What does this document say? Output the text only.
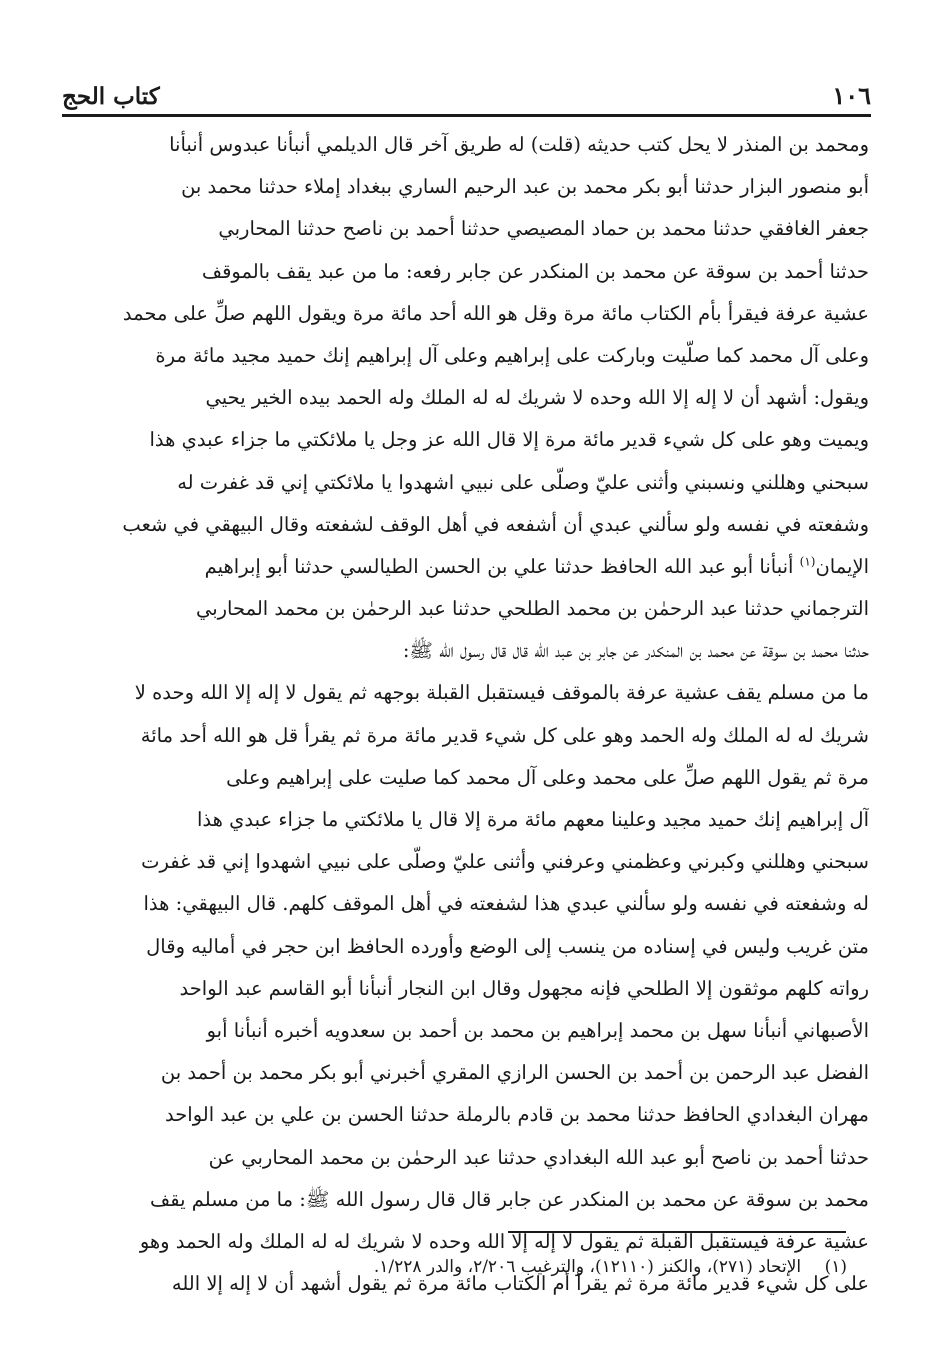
كتاب الحج	١٠٦
ومحمد بن المنذر لا يحل كتب حديثه (قلت) له طريق آخر قال الديلمي أنبأنا عبدوس أنبأنا
أبو منصور البزار حدثنا أبو بكر محمد بن عبد الرحيم الساري ببغداد إملاء حدثنا محمد بن
جعفر الغافقي حدثنا محمد بن حماد المصيصي حدثنا أحمد بن ناصح حدثنا المحاربي
حدثنا أحمد بن سوقة عن محمد بن المنكدر عن جابر رفعه: ما من عبد يقف بالموقف
عشية عرفة فيقرأ بأم الكتاب مائة مرة وقل هو الله أحد مائة مرة ويقول اللهم صلِّ على محمد
وعلى آل محمد كما صلّيت وباركت على إبراهيم وعلى آل إبراهيم إنك حميد مجيد مائة مرة
ويقول: أشهد أن لا إله إلا الله وحده لا شريك له له الملك وله الحمد بيده الخير يحيي
ويميت وهو على كل شيء قدير مائة مرة إلا قال الله عز وجل يا ملائكتي ما جزاء عبدي هذا
سبحني وهللني ونسبني وأثنى عليّ وصلّى على نبيي اشهدوا يا ملائكتي إني قد غفرت له
وشفعته في نفسه ولو سألني عبدي أن أشفعه في أهل الوقف لشفعته وقال البيهقي في شعب
الإيمان$^{(١)}$ أنبأنا أبو عبد الله الحافظ حدثنا علي بن الحسن الطيالسي حدثنا أبو إبراهيم
الترجماني حدثنا عبد الرحمٰن بن محمد الطلحي حدثنا عبد الرحمٰن بن محمد المحاربي
حدثنا محمد بن سوقة عن محمد بن المنكدر عن جابر بن عبد الله قال قال رسول الله ﷺ:
ما من مسلم يقف عشية عرفة بالموقف فيستقبل القبلة بوجهه ثم يقول لا إله إلا الله وحده لا
شريك له له الملك وله الحمد وهو على كل شيء قدير مائة مرة ثم يقرأ قل هو الله أحد مائة
مرة ثم يقول اللهم صلِّ على محمد وعلى آل محمد كما صليت على إبراهيم وعلى
آل إبراهيم إنك حميد مجيد وعلينا معهم مائة مرة إلا قال يا ملائكتي ما جزاء عبدي هذا
سبحني وهللني وكبرني وعظمني وعرفني وأثنى عليّ وصلّى على نبيي اشهدوا إني قد غفرت
له وشفعته في نفسه ولو سألني عبدي هذا لشفعته في أهل الموقف كلهم. قال البيهقي: هذا
متن غريب وليس في إسناده من ينسب إلى الوضع وأورده الحافظ ابن حجر في أماليه وقال
رواته كلهم موثقون إلا الطلحي فإنه مجهول وقال ابن النجار أنبأنا أبو القاسم عبد الواحد
الأصبهاني أنبأنا سهل بن محمد إبراهيم بن محمد بن أحمد بن سعدويه أخبره أنبأنا أبو
الفضل عبد الرحمن بن أحمد بن الحسن الرازي المقري أخبرني أبو بكر محمد بن أحمد بن
مهران البغدادي الحافظ حدثنا محمد بن قادم بالرملة حدثنا الحسن بن علي بن عبد الواحد
حدثنا أحمد بن ناصح أبو عبد الله البغدادي حدثنا عبد الرحمٰن بن محمد المحاربي عن
محمد بن سوقة عن محمد بن المنكدر عن جابر قال قال رسول الله ﷺ: ما من مسلم يقف
عشية عرفة فيستقبل القبلة ثم يقول لا إله إلا الله وحده لا شريك له له الملك وله الحمد وهو
على كل شيء قدير مائة مرة ثم يقرأ أم الكتاب مائة مرة ثم يقول أشهد أن لا إله إلا الله
(١) الإتحاد (٢٧١)، والكنز (١٢١١٠)، والترغيب ٢/٢٠٦، والدر ١/٢٢٨.
